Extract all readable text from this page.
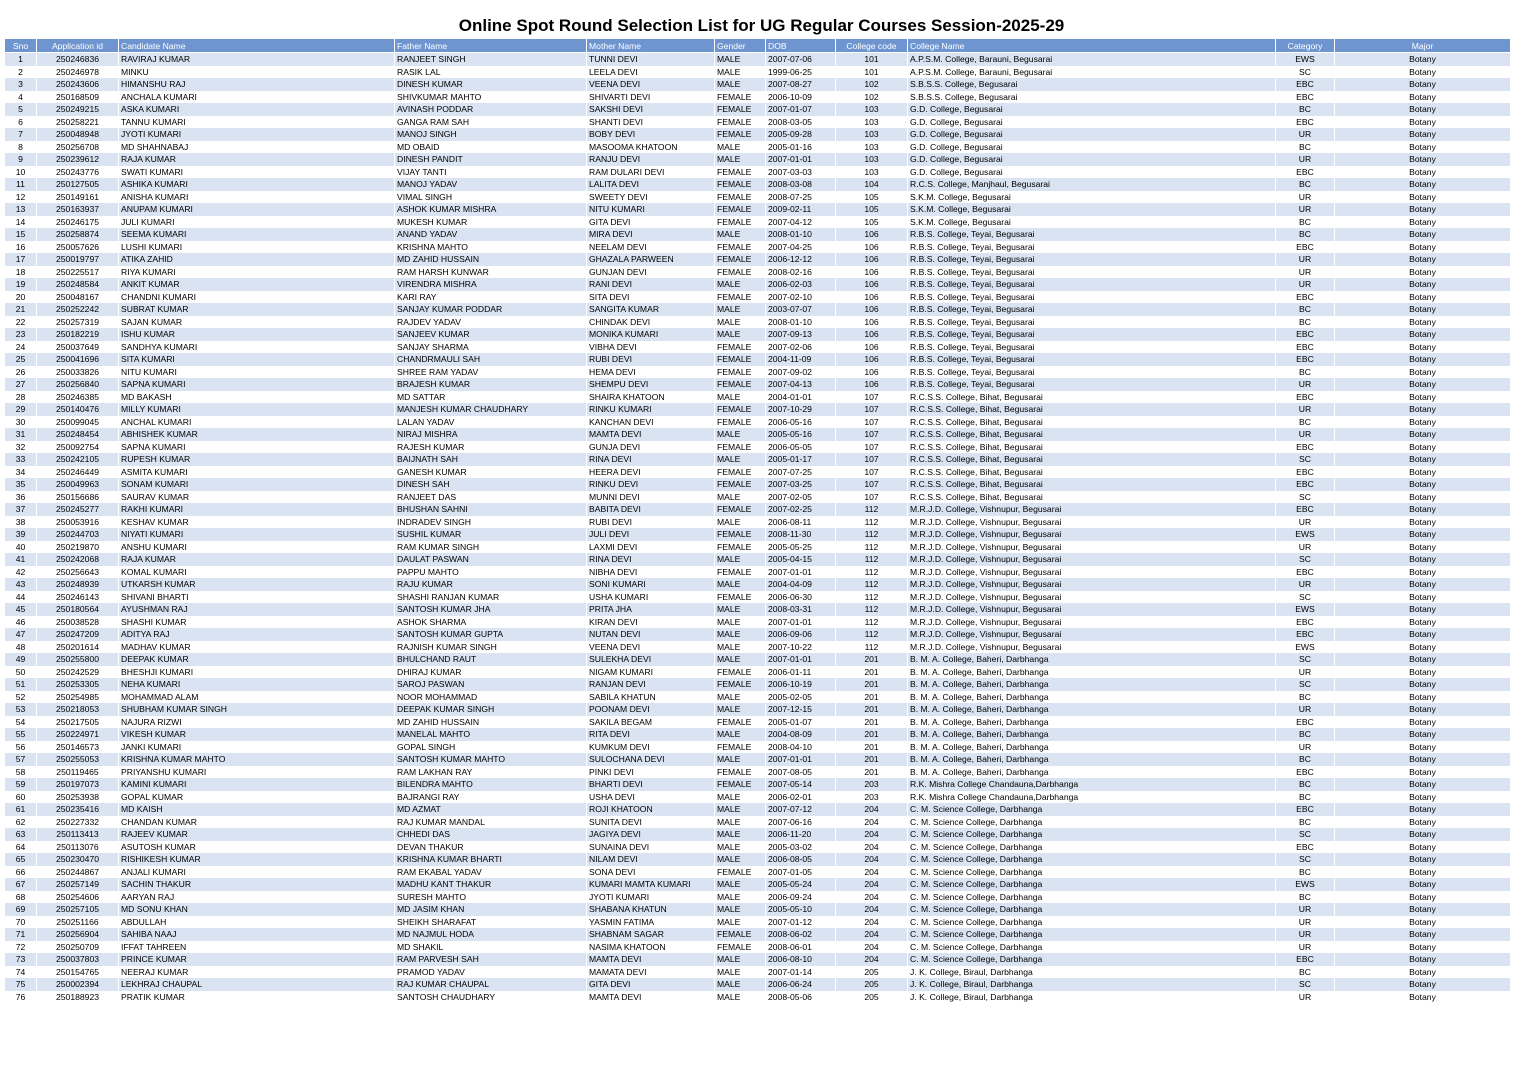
Online Spot Round Selection List for UG Regular Courses Session-2025-29
Sno	Application id	Candidate Name	Father Name	Mother Name	Gender	DOB	College code	College Name	Category	Major
1	250246836	RAVIRAJ KUMAR	RANJEET SINGH	TUNNI DEVI	MALE	2007-07-06	101	A.P.S.M. College, Barauni, Begusarai	EWS	Botany
2	250246978	MINKU	RASIK LAL	LEELA DEVI	MALE	1999-06-25	101	A.P.S.M. College, Barauni, Begusarai	SC	Botany
3	250243606	HIMANSHU RAJ	DINESH KUMAR	VEENA DEVI	MALE	2007-08-27	102	S.B.S.S. College, Begusarai	EBC	Botany
4	250168509	ANCHALA KUMARI	SHIVKUMAR MAHTO	SHIVARTI DEVI	FEMALE	2006-10-09	102	S.B.S.S. College, Begusarai	EBC	Botany
5	250249215	ASKA KUMARI	AVINASH PODDAR	SAKSHI DEVI	FEMALE	2007-01-07	103	G.D. College, Begusarai	BC	Botany
6	250258221	TANNU KUMARI	GANGA RAM SAH	SHANTI DEVI	FEMALE	2008-03-05	103	G.D. College, Begusarai	EBC	Botany
7	250048948	JYOTI KUMARI	MANOJ SINGH	BOBY DEVI	FEMALE	2005-09-28	103	G.D. College, Begusarai	UR	Botany
8	250256708	MD SHAHNABAJ	MD OBAID	MASOOMA KHATOON	MALE	2005-01-16	103	G.D. College, Begusarai	BC	Botany
9	250239612	RAJA KUMAR	DINESH PANDIT	RANJU DEVI	MALE	2007-01-01	103	G.D. College, Begusarai	UR	Botany
10	250243776	SWATI KUMARI	VIJAY TANTI	RAM DULARI DEVI	FEMALE	2007-03-03	103	G.D. College, Begusarai	EBC	Botany
11	250127505	ASHIKA KUMARI	MANOJ YADAV	LALITA DEVI	FEMALE	2008-03-08	104	R.C.S. College, Manjhaul, Begusarai	BC	Botany
12	250149161	ANISHA KUMARI	VIMAL SINGH	SWEETY DEVI	FEMALE	2008-07-25	105	S.K.M. College, Begusarai	UR	Botany
13	250163937	ANUPAM KUMARI	ASHOK KUMAR MISHRA	NITU KUMARI	FEMALE	2009-02-11	105	S.K.M. College, Begusarai	UR	Botany
14	250246175	JULI KUMARI	MUKESH KUMAR	GITA DEVI	FEMALE	2007-04-12	105	S.K.M. College, Begusarai	BC	Botany
15	250258874	SEEMA KUMARI	ANAND YADAV	MIRA DEVI	MALE	2008-01-10	106	R.B.S. College, Teyai, Begusarai	BC	Botany
16	250057626	LUSHI KUMARI	KRISHNA MAHTO	NEELAM DEVI	FEMALE	2007-04-25	106	R.B.S. College, Teyai, Begusarai	EBC	Botany
17	250019797	ATIKA ZAHID	MD ZAHID HUSSAIN	GHAZALA PARWEEN	FEMALE	2006-12-12	106	R.B.S. College, Teyai, Begusarai	UR	Botany
18	250225517	RIYA KUMARI	RAM HARSH KUNWAR	GUNJAN DEVI	FEMALE	2008-02-16	106	R.B.S. College, Teyai, Begusarai	UR	Botany
19	250248584	ANKIT KUMAR	VIRENDRA MISHRA	RANI DEVI	MALE	2006-02-03	106	R.B.S. College, Teyai, Begusarai	UR	Botany
20	250048167	CHANDNI KUMARI	KARI RAY	SITA DEVI	FEMALE	2007-02-10	106	R.B.S. College, Teyai, Begusarai	EBC	Botany
21	250252242	SUBRAT KUMAR	SANJAY KUMAR PODDAR	SANGITA KUMAR	MALE	2003-07-07	106	R.B.S. College, Teyai, Begusarai	BC	Botany
22	250257319	SAJAN KUMAR	RAJDEV YADAV	CHINDAK DEVI	MALE	2008-01-10	106	R.B.S. College, Teyai, Begusarai	BC	Botany
23	250182219	ISHU KUMAR	SANJEEV KUMAR	MONIKA KUMARI	MALE	2007-09-13	106	R.B.S. College, Teyai, Begusarai	EBC	Botany
24	250037649	SANDHYA KUMARI	SANJAY SHARMA	VIBHA DEVI	FEMALE	2007-02-06	106	R.B.S. College, Teyai, Begusarai	EBC	Botany
25	250041696	SITA KUMARI	CHANDRMAULI SAH	RUBI DEVI	FEMALE	2004-11-09	106	R.B.S. College, Teyai, Begusarai	EBC	Botany
26	250033826	NITU KUMARI	SHREE RAM YADAV	HEMA DEVI	FEMALE	2007-09-02	106	R.B.S. College, Teyai, Begusarai	BC	Botany
27	250256840	SAPNA KUMARI	BRAJESH KUMAR	SHEMPU DEVI	FEMALE	2007-04-13	106	R.B.S. College, Teyai, Begusarai	UR	Botany
28	250246385	MD BAKASH	MD SATTAR	SHAIRA KHATOON	MALE	2004-01-01	107	R.C.S.S. College, Bihat, Begusarai	EBC	Botany
29	250140476	MILLY KUMARI	MANJESH KUMAR CHAUDHARY	RINKU KUMARI	FEMALE	2007-10-29	107	R.C.S.S. College, Bihat, Begusarai	UR	Botany
30	250099045	ANCHAL KUMARI	LALAN YADAV	KANCHAN DEVI	FEMALE	2006-05-16	107	R.C.S.S. College, Bihat, Begusarai	BC	Botany
31	250248454	ABHISHEK KUMAR	NIRAJ MISHRA	MAMTA DEVI	MALE	2005-05-16	107	R.C.S.S. College, Bihat, Begusarai	UR	Botany
32	250092754	SAPNA KUMARI	RAJESH KUMAR	GUNJA DEVI	FEMALE	2006-05-05	107	R.C.S.S. College, Bihat, Begusarai	EBC	Botany
33	250242105	RUPESH KUMAR	BAIJNATH SAH	RINA DEVI	MALE	2005-01-17	107	R.C.S.S. College, Bihat, Begusarai	SC	Botany
34	250246449	ASMITA KUMARI	GANESH KUMAR	HEERA DEVI	FEMALE	2007-07-25	107	R.C.S.S. College, Bihat, Begusarai	EBC	Botany
35	250049963	SONAM KUMARI	DINESH SAH	RINKU DEVI	FEMALE	2007-03-25	107	R.C.S.S. College, Bihat, Begusarai	EBC	Botany
36	250156686	SAURAV KUMAR	RANJEET DAS	MUNNI DEVI	MALE	2007-02-05	107	R.C.S.S. College, Bihat, Begusarai	SC	Botany
37	250245277	RAKHI KUMARI	BHUSHAN SAHNI	BABITA DEVI	FEMALE	2007-02-25	112	M.R.J.D. College, Vishnupur, Begusarai	EBC	Botany
38	250053916	KESHAV KUMAR	INDRADEV SINGH	RUBI DEVI	MALE	2006-08-11	112	M.R.J.D. College, Vishnupur, Begusarai	UR	Botany
39	250244703	NIYATI KUMARI	SUSHIL KUMAR	JULI DEVI	FEMALE	2008-11-30	112	M.R.J.D. College, Vishnupur, Begusarai	EWS	Botany
40	250219870	ANSHU KUMARI	RAM KUMAR SINGH	LAXMI DEVI	FEMALE	2005-05-25	112	M.R.J.D. College, Vishnupur, Begusarai	UR	Botany
41	250242068	RAJA KUMAR	DAULAT PASWAN	RINA DEVI	MALE	2005-04-15	112	M.R.J.D. College, Vishnupur, Begusarai	SC	Botany
42	250256643	KOMAL KUMARI	PAPPU MAHTO	NIBHA DEVI	FEMALE	2007-01-01	112	M.R.J.D. College, Vishnupur, Begusarai	EBC	Botany
43	250248939	UTKARSH KUMAR	RAJU KUMAR	SONI KUMARI	MALE	2004-04-09	112	M.R.J.D. College, Vishnupur, Begusarai	UR	Botany
44	250246143	SHIVANI BHARTI	SHASHI RANJAN KUMAR	USHA KUMARI	FEMALE	2006-06-30	112	M.R.J.D. College, Vishnupur, Begusarai	SC	Botany
45	250180564	AYUSHMAN RAJ	SANTOSH KUMAR JHA	PRITA JHA	MALE	2008-03-31	112	M.R.J.D. College, Vishnupur, Begusarai	EWS	Botany
46	250038528	SHASHI KUMAR	ASHOK SHARMA	KIRAN DEVI	MALE	2007-01-01	112	M.R.J.D. College, Vishnupur, Begusarai	EBC	Botany
47	250247209	ADITYA RAJ	SANTOSH KUMAR GUPTA	NUTAN DEVI	MALE	2006-09-06	112	M.R.J.D. College, Vishnupur, Begusarai	EBC	Botany
48	250201614	MADHAV KUMAR	RAJNISH KUMAR SINGH	VEENA DEVI	MALE	2007-10-22	112	M.R.J.D. College, Vishnupur, Begusarai	EWS	Botany
49	250255800	DEEPAK KUMAR	BHULCHAND RAUT	SULEKHA DEVI	MALE	2007-01-01	201	B. M. A. College, Baheri, Darbhanga	SC	Botany
50	250242529	BHESHJI KUMARI	DHIRAJ KUMAR	NIGAM KUMARI	FEMALE	2006-01-11	201	B. M. A. College, Baheri, Darbhanga	UR	Botany
51	250253305	NEHA KUMARI	SAROJ PASWAN	RANJAN DEVI	FEMALE	2006-10-19	201	B. M. A. College, Baheri, Darbhanga	SC	Botany
52	250254985	MOHAMMAD ALAM	NOOR MOHAMMAD	SABILA KHATUN	MALE	2005-02-05	201	B. M. A. College, Baheri, Darbhanga	BC	Botany
53	250218053	SHUBHAM KUMAR SINGH	DEEPAK KUMAR SINGH	POONAM DEVI	MALE	2007-12-15	201	B. M. A. College, Baheri, Darbhanga	UR	Botany
54	250217505	NAJURA RIZWI	MD ZAHID HUSSAIN	SAKILA BEGAM	FEMALE	2005-01-07	201	B. M. A. College, Baheri, Darbhanga	EBC	Botany
55	250224971	VIKESH KUMAR	MANELAL MAHTO	RITA DEVI	MALE	2004-08-09	201	B. M. A. College, Baheri, Darbhanga	BC	Botany
56	250146573	JANKI KUMARI	GOPAL SINGH	KUMKUM DEVI	FEMALE	2008-04-10	201	B. M. A. College, Baheri, Darbhanga	UR	Botany
57	250255053	KRISHNA KUMAR MAHTO	SANTOSH KUMAR MAHTO	SULOCHANA DEVI	MALE	2007-01-01	201	B. M. A. College, Baheri, Darbhanga	BC	Botany
58	250119465	PRIYANSHU KUMARI	RAM LAKHAN RAY	PINKI DEVI	FEMALE	2007-08-05	201	B. M. A. College, Baheri, Darbhanga	EBC	Botany
59	250197073	KAMINI KUMARI	BILENDRA MAHTO	BHARTI DEVI	FEMALE	2007-05-14	203	R.K. Mishra College Chandauna,Darbhanga	BC	Botany
60	250253938	GOPAL KUMAR	BAJRANGI RAY	USHA DEVI	MALE	2006-02-01	203	R.K. Mishra College Chandauna,Darbhanga	BC	Botany
61	250235416	MD KAISH	MD AZMAT	ROJI KHATOON	MALE	2007-07-12	204	C. M. Science College, Darbhanga	EBC	Botany
62	250227332	CHANDAN KUMAR	RAJ KUMAR MANDAL	SUNITA DEVI	MALE	2007-06-16	204	C. M. Science College, Darbhanga	BC	Botany
63	250113413	RAJEEV KUMAR	CHHEDI DAS	JAGIYA DEVI	MALE	2006-11-20	204	C. M. Science College, Darbhanga	SC	Botany
64	250113076	ASUTOSH KUMAR	DEVAN THAKUR	SUNAINA DEVI	MALE	2005-03-02	204	C. M. Science College, Darbhanga	EBC	Botany
65	250230470	RISHIKESH KUMAR	KRISHNA KUMAR BHARTI	NILAM DEVI	MALE	2006-08-05	204	C. M. Science College, Darbhanga	SC	Botany
66	250244867	ANJALI KUMARI	RAM EKABAL YADAV	SONA DEVI	FEMALE	2007-01-05	204	C. M. Science College, Darbhanga	BC	Botany
67	250257149	SACHIN THAKUR	MADHU KANT THAKUR	KUMARI MAMTA KUMARI	MALE	2005-05-24	204	C. M. Science College, Darbhanga	EWS	Botany
68	250254606	AARYAN RAJ	SURESH MAHTO	JYOTI KUMARI	MALE	2006-09-24	204	C. M. Science College, Darbhanga	BC	Botany
69	250257105	MD SONU KHAN	MD JASIM KHAN	SHABANA KHATUN	MALE	2005-05-10	204	C. M. Science College, Darbhanga	UR	Botany
70	250251166	ABDULLAH	SHEIKH SHARAFAT	YASMIN FATIMA	MALE	2007-01-12	204	C. M. Science College, Darbhanga	UR	Botany
71	250256904	SAHIBA NAAJ	MD NAJMUL HODA	SHABNAM SAGAR	FEMALE	2008-06-02	204	C. M. Science College, Darbhanga	UR	Botany
72	250250709	IFFAT TAHREEN	MD SHAKIL	NASIMA KHATOON	FEMALE	2008-06-01	204	C. M. Science College, Darbhanga	UR	Botany
73	250037803	PRINCE KUMAR	RAM PARVESH SAH	MAMTA DEVI	MALE	2006-08-10	204	C. M. Science College, Darbhanga	EBC	Botany
74	250154765	NEERAJ KUMAR	PRAMOD YADAV	MAMATA DEVI	MALE	2007-01-14	205	J. K. College, Biraul, Darbhanga	BC	Botany
75	250002394	LEKHRAJ CHAUPAL	RAJ KUMAR CHAUPAL	GITA DEVI	MALE	2006-06-24	205	J. K. College, Biraul, Darbhanga	SC	Botany
76	250188923	PRATIK KUMAR	SANTOSH CHAUDHARY	MAMTA DEVI	MALE	2008-05-06	205	J. K. College, Biraul, Darbhanga	UR	Botany
